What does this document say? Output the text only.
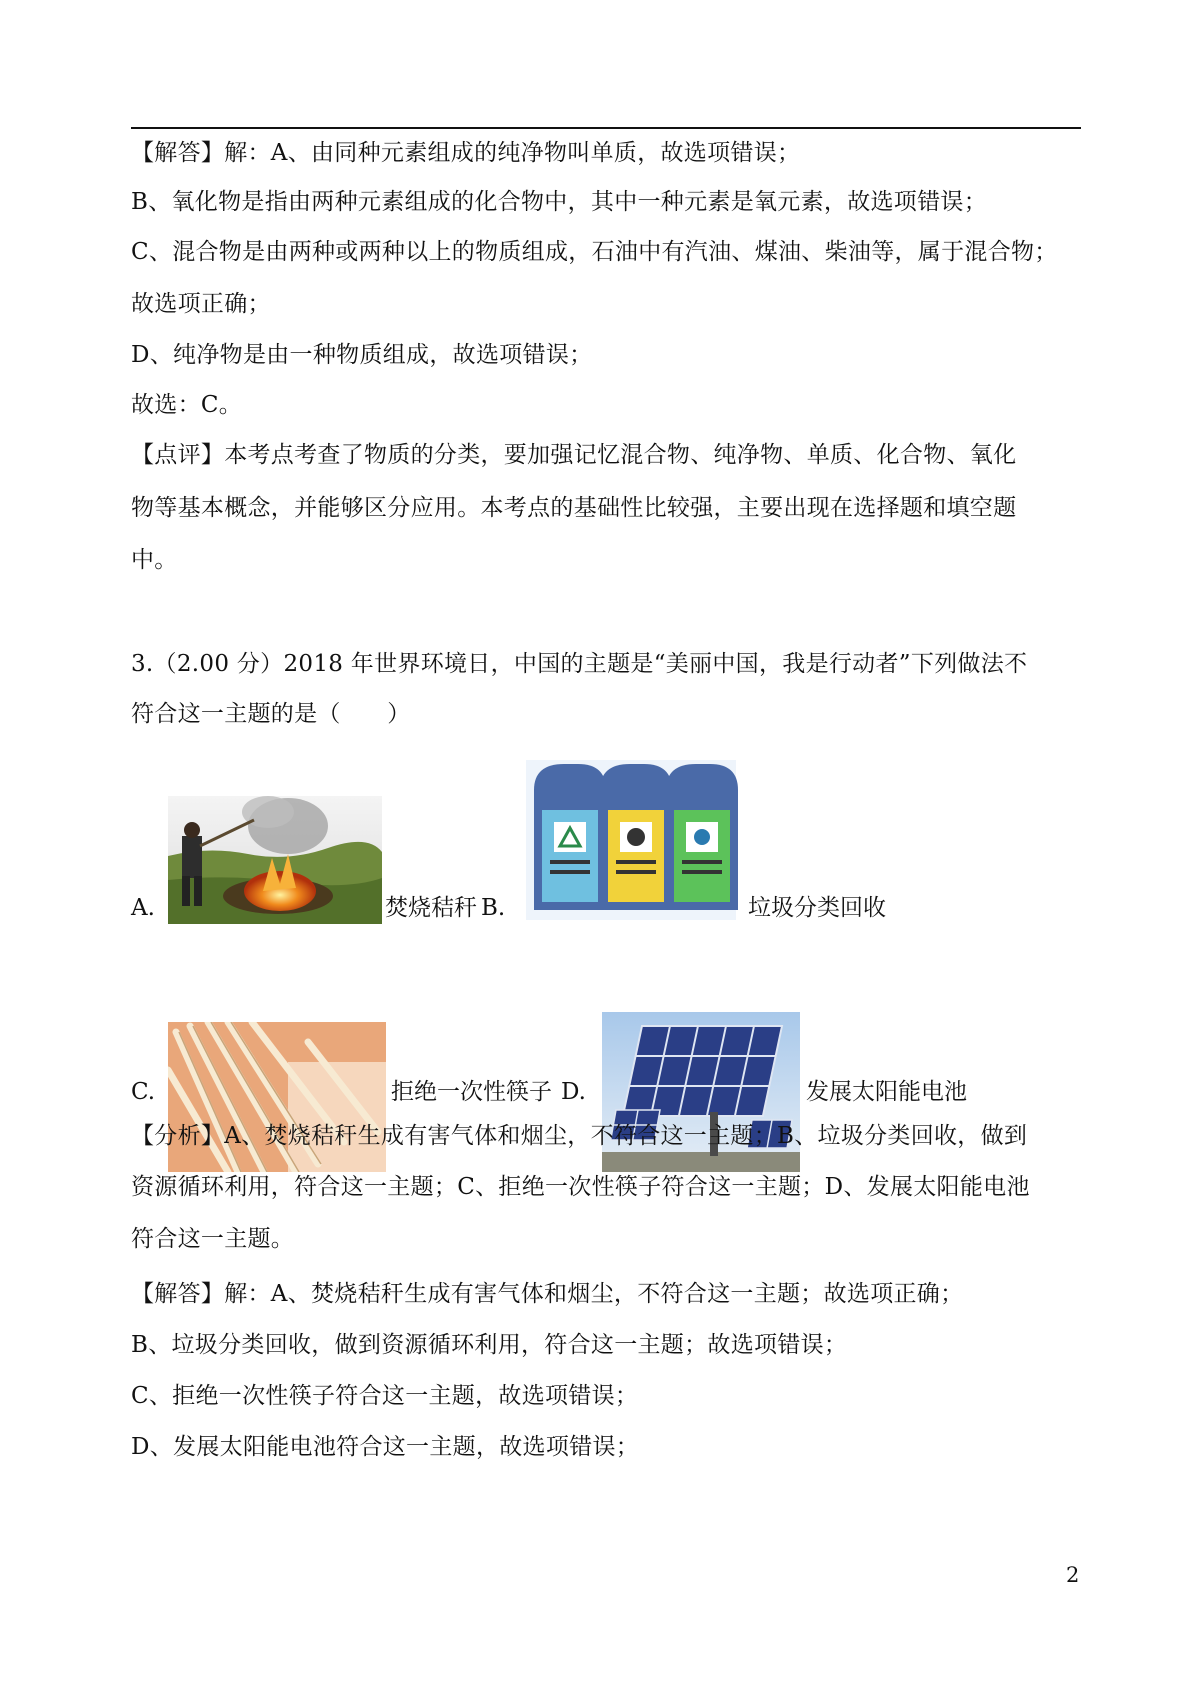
【解答】解：A、由同种元素组成的纯净物叫单质，故选项错误；
B、氧化物是指由两种元素组成的化合物中，其中一种元素是氧元素，故选项错误；
C、混合物是由两种或两种以上的物质组成，石油中有汽油、煤油、柴油等，属于混合物；
故选项正确；
D、纯净物是由一种物质组成，故选项错误；
故选：C。
【点评】本考点考查了物质的分类，要加强记忆混合物、纯净物、单质、化合物、氧化
物等基本概念，并能够区分应用。本考点的基础性比较强，主要出现在选择题和填空题
中。
3.（2.00 分）2018 年世界环境日，中国的主题是“美丽中国，我是行动者”下列做法不
符合这一主题的是（　　）
A.	焚烧秸秆 B.	垃圾分类回收
C.	拒绝一次性筷子 D.	发展太阳能电池
【分析】A、焚烧秸秆生成有害气体和烟尘，不符合这一主题；B、垃圾分类回收，做到
资源循环利用，符合这一主题；C、拒绝一次性筷子符合这一主题；D、发展太阳能电池
符合这一主题。
【解答】解：A、焚烧秸秆生成有害气体和烟尘，不符合这一主题；故选项正确；
B、垃圾分类回收，做到资源循环利用，符合这一主题；故选项错误；
C、拒绝一次性筷子符合这一主题，故选项错误；
D、发展太阳能电池符合这一主题，故选项错误；
2
